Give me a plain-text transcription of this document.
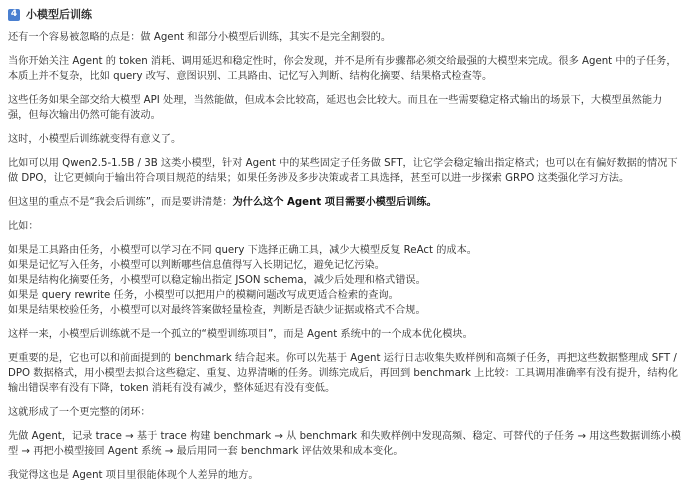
4 小模型后训练

还有一个容易被忽略的点是：做 Agent 和部分小模型后训练，其实不是完全割裂的。

当你开始关注 Agent 的 token 消耗、调用延迟和稳定性时，你会发现，并不是所有步骤都必须交给最强的大模型来完成。很多 Agent 中的子任务，本质上并不复杂，比如 query 改写、意图识别、工具路由、记忆写入判断、结构化摘要、结果格式检查等。

这些任务如果全部交给大模型 API 处理，当然能做，但成本会比较高，延迟也会比较大。而且在一些需要稳定格式输出的场景下，大模型虽然能力强，但每次输出仍然可能有波动。

这时，小模型后训练就变得有意义了。

比如可以用 Qwen2.5-1.5B / 3B 这类小模型，针对 Agent 中的某些固定子任务做 SFT，让它学会稳定输出指定格式；也可以在有偏好数据的情况下做 DPO，让它更倾向于输出符合项目规范的结果；如果任务涉及多步决策或者工具选择，甚至可以进一步探索 GRPO 这类强化学习方法。

但这里的重点不是“我会后训练”，而是要讲清楚：为什么这个 Agent 项目需要小模型后训练。

比如：

如果是工具路由任务，小模型可以学习在不同 query 下选择正确工具，减少大模型反复 ReAct 的成本。

如果是记忆写入任务，小模型可以判断哪些信息值得写入长期记忆，避免记忆污染。

如果是结构化摘要任务，小模型可以稳定输出指定 JSON schema，减少后处理和格式错误。

如果是 query rewrite 任务，小模型可以把用户的模糊问题改写成更适合检索的查询。

如果是结果校验任务，小模型可以对最终答案做轻量检查，判断是否缺少证据或格式不合规。

这样一来，小模型后训练就不是一个孤立的“模型训练项目”，而是 Agent 系统中的一个成本优化模块。

更重要的是，它也可以和前面提到的 benchmark 结合起来。你可以先基于 Agent 运行日志收集失败样例和高频子任务，再把这些数据整理成 SFT / DPO 数据格式，用小模型去拟合这些稳定、重复、边界清晰的任务。训练完成后，再回到 benchmark 上比较：工具调用准确率有没有提升，结构化输出错误率有没有下降，token 消耗有没有减少，整体延迟有没有变低。

这就形成了一个更完整的闭环：

先做 Agent，记录 trace → 基于 trace 构建 benchmark → 从 benchmark 和失败样例中发现高频、稳定、可替代的子任务 → 用这些数据训练小模型 → 再把小模型接回 Agent 系统 → 最后用同一套 benchmark 评估效果和成本变化。

我觉得这也是 Agent 项目里很能体现个人差异的地方。
